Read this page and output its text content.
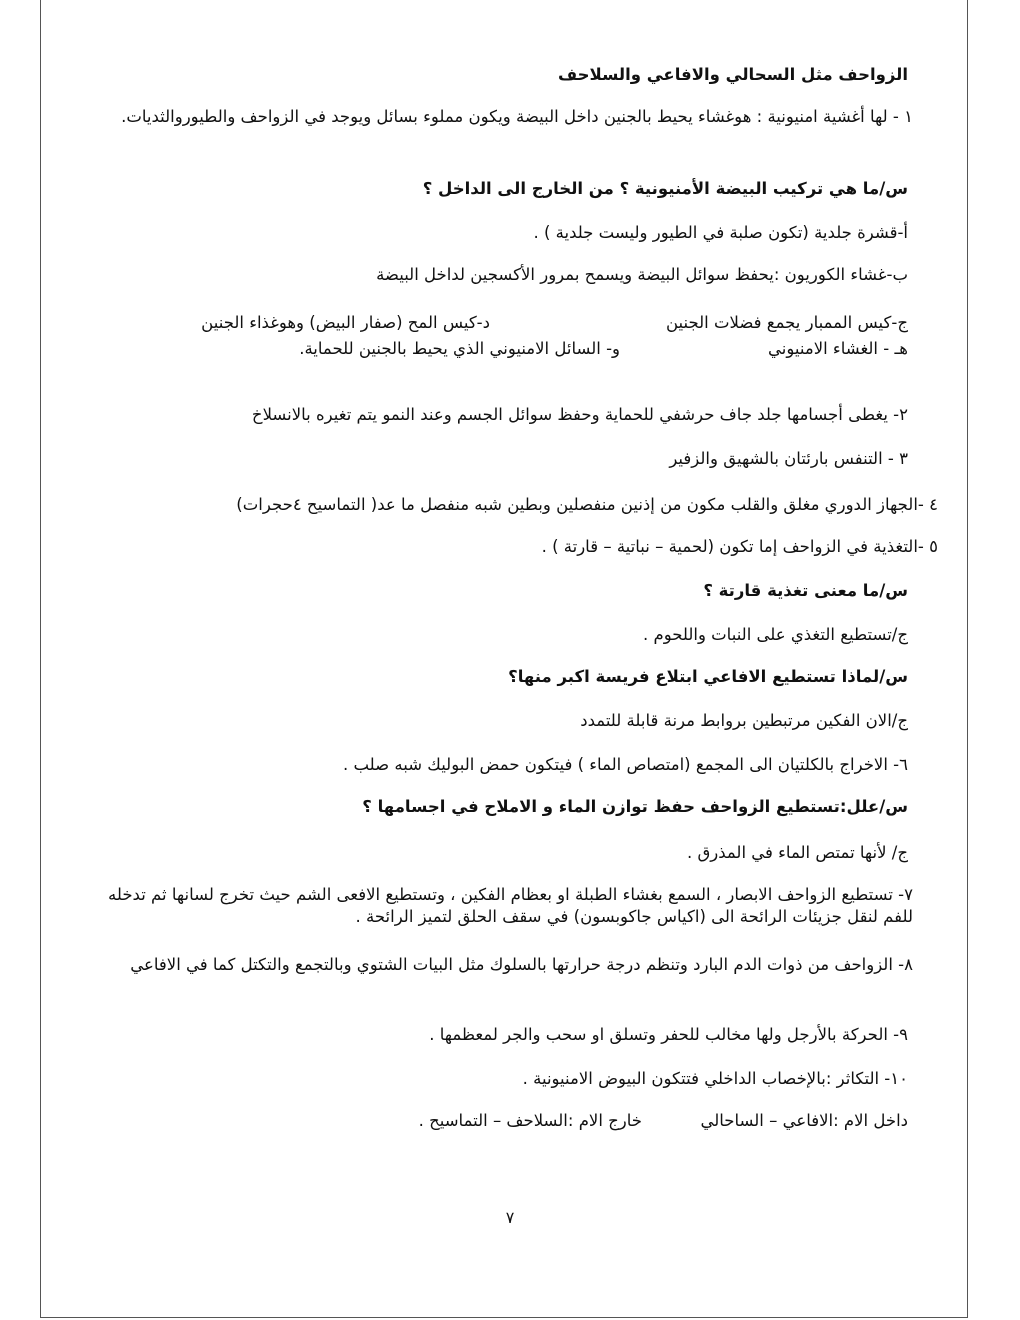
الزواحف مثل السحالي والافاعي والسلاحف
١ - لها أغشية امنيونية : هوغشاء يحيط بالجنين داخل البيضة ويكون مملوء بسائل ويوجد في الزواحف والطيوروالثديات.
س/ما هي تركيب البيضة الأمنيونية ؟ من الخارج الى الداخل ؟
أ-قشرة جلدية (تكون صلبة في الطيور وليست جلدية ) .
ب-غشاء الكوريون :يحفظ سوائل البيضة ويسمح بمرور الأكسجين لداخل البيضة
ج-كيس الممبار يجمع فضلات الجنين
د-كيس المح (صفار البيض) وهوغذاء الجنين
هـ - الغشاء الامنيوني
و- السائل الامنيوني الذي يحيط بالجنين للحماية.
٢- يغطى أجسامها جلد جاف حرشفي للحماية وحفظ سوائل الجسم وعند النمو يتم تغيره بالانسلاخ
٣ - التنفس بارئتان بالشهيق والزفير
٤ -الجهاز الدوري مغلق والقلب مكون من إذنين منفصلين وبطين شبه منفصل ما عد( التماسيح ٤حجرات)
٥ -التغذية في الزواحف إما تكون (لحمية – نباتية – قارتة ) .
س/ما معنى تغذية قارتة ؟
ج/تستطيع التغذي على النبات واللحوم .
س/لماذا تستطيع الافاعي ابتلاع فريسة اكبر منها؟
ج/الان الفكين مرتبطين بروابط مرنة قابلة للتمدد
٦- الاخراج بالكلتيان الى المجمع (امتصاص الماء ) فيتكون حمض البوليك شبه صلب .
س/علل:تستطيع الزواحف حفظ توازن الماء و الاملاح في اجسامها ؟
ج/ لأنها تمتص الماء في المذرق .
٧- تستطيع الزواحف الابصار ، السمع بغشاء الطبلة او بعظام الفكين ، وتستطيع الافعى الشم حيث تخرج لسانها ثم تدخله للفم لنقل جزيئات الرائحة الى (اكياس جاكوبسون) في سقف الحلق لتميز الرائحة .
٨- الزواحف من ذوات الدم البارد وتنظم درجة حرارتها بالسلوك مثل البيات الشتوي وبالتجمع والتكتل كما في الافاعي
٩- الحركة بالأرجل ولها مخالب للحفر وتسلق او سحب والجر لمعظمها .
١٠- التكاثر :بالإخصاب الداخلي فتتكون البيوض الامنيونية .
داخل الام :الافاعي – الساحالي
خارج الام :السلاحف – التماسيح .
٧
